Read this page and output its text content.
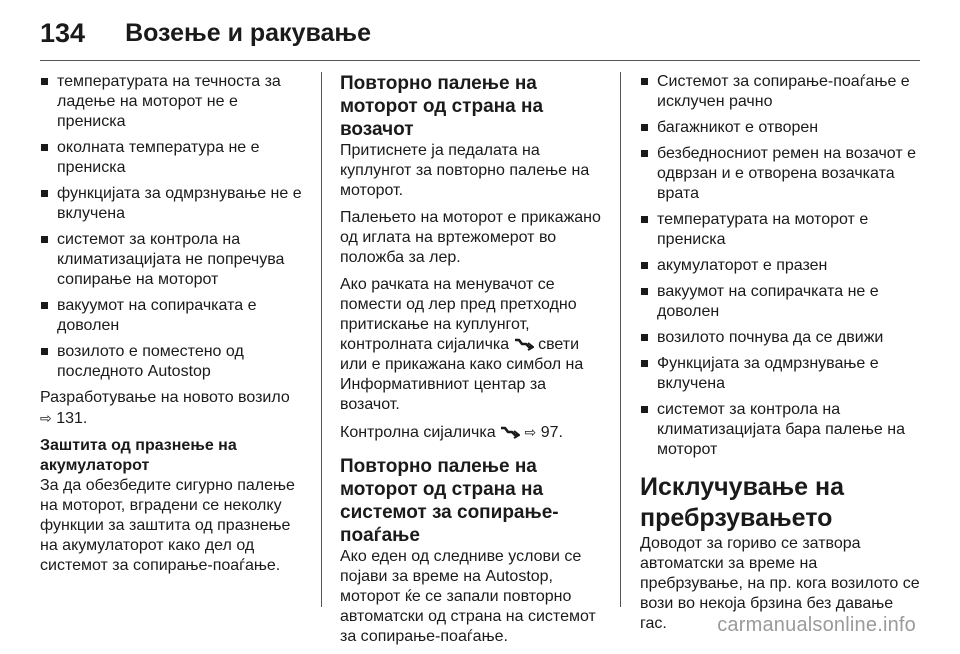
134 Возење и ракување
температурата на течноста за ладење на моторот не е прениска
околната температура не е прениска
функцијата за одмрзнување не е вклучена
системот за контрола на климатизацијата не попречува сопирање на моторот
вакуумот на сопирачката е доволен
возилото е поместено од последното Autostop

Разработување на новото возило
⇨ 131.

Заштита од празнење на акумулаторот

За да обезбедите сигурно палење на моторот, вградени се неколку функции за заштита од празнење на акумулаторот како дел од системот за сопирање-поаѓање.

Повторно палење на моторот од страна на возачот

Притиснете ја педалата на куплунгот за повторно палење на моторот.

Палењето на моторот е прикажано од иглата на вртежомерот во положба за лер.

Ако рачката на менувачот се помести од лер пред претходно притискање на куплунгот, контролната сијаличка свети или е прикажана како симбол на Информативниот центар за возачот.

Контролна сијаличка ⇨ 97.

Повторно палење на моторот од страна на системот за сопирање-поаѓање

Ако еден од следниве услови се појави за време на Autostop, моторот ќе се запали повторно автоматски од страна на системот за сопирање-поаѓање.

Системот за сопирање-поаѓање е исклучен рачно
багажникот е отворен
безбедносниот ремен на возачот е одврзан и е отворена возачката врата
температурата на моторот е прениска
акумулаторот е празен
вакуумот на сопирачката не е доволен
возилото почнува да се движи
Функцијата за одмрзнување е вклучена
системот за контрола на климатизацијата бара палење на моторот
Исклучување на пребрзувањето

Доводот за гориво се затвора автоматски за време на пребрзување, на пр. кога возилото се вози во некоја брзина без давање гас.	carmanualsonline.info
